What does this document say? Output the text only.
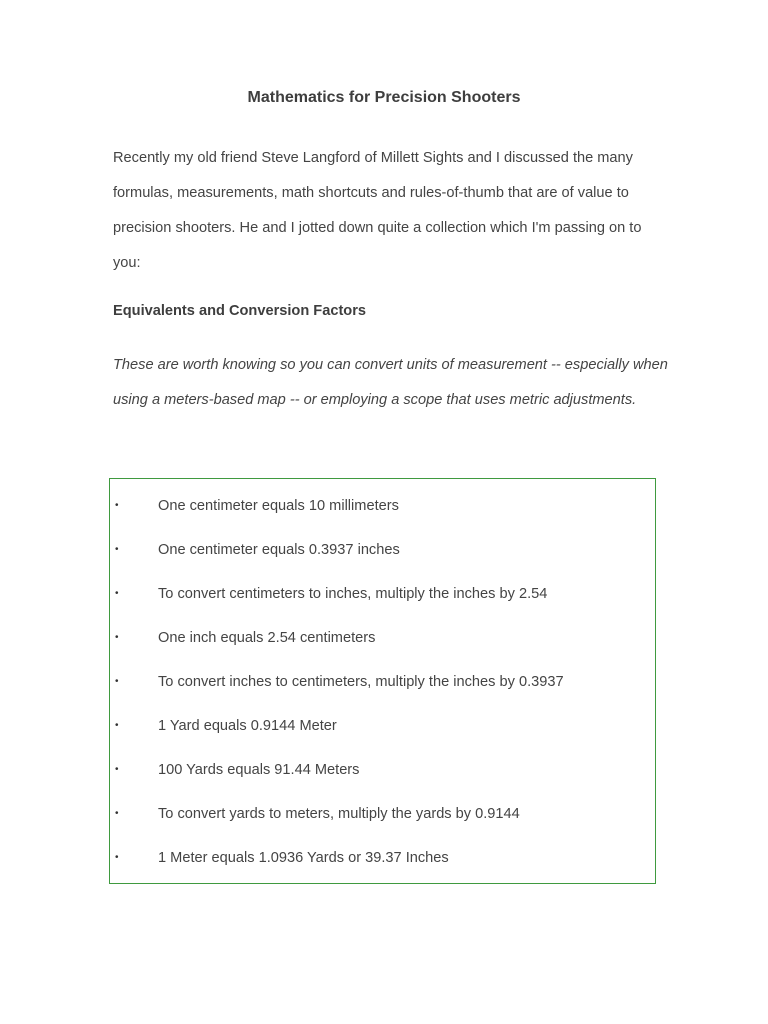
Mathematics for Precision Shooters

Recently my old friend Steve Langford of Millett Sights and I discussed the many formulas, measurements, math shortcuts and rules-of-thumb that are of value to precision shooters. He and I jotted down quite a collection which I'm passing on to you:

Equivalents and Conversion Factors

These are worth knowing so you can convert units of measurement -- especially when using a meters-based map -- or employing a scope that uses metric adjustments.

•	One centimeter equals 10 millimeters
•	One centimeter equals 0.3937 inches
•	To convert centimeters to inches, multiply the inches by 2.54
•	One inch equals 2.54 centimeters
•	To convert inches to centimeters, multiply the inches by 0.3937
•	1 Yard equals 0.9144 Meter
•	100 Yards equals 91.44 Meters
•	To convert yards to meters, multiply the yards by 0.9144
•	1 Meter equals 1.0936 Yards or 39.37 Inches
